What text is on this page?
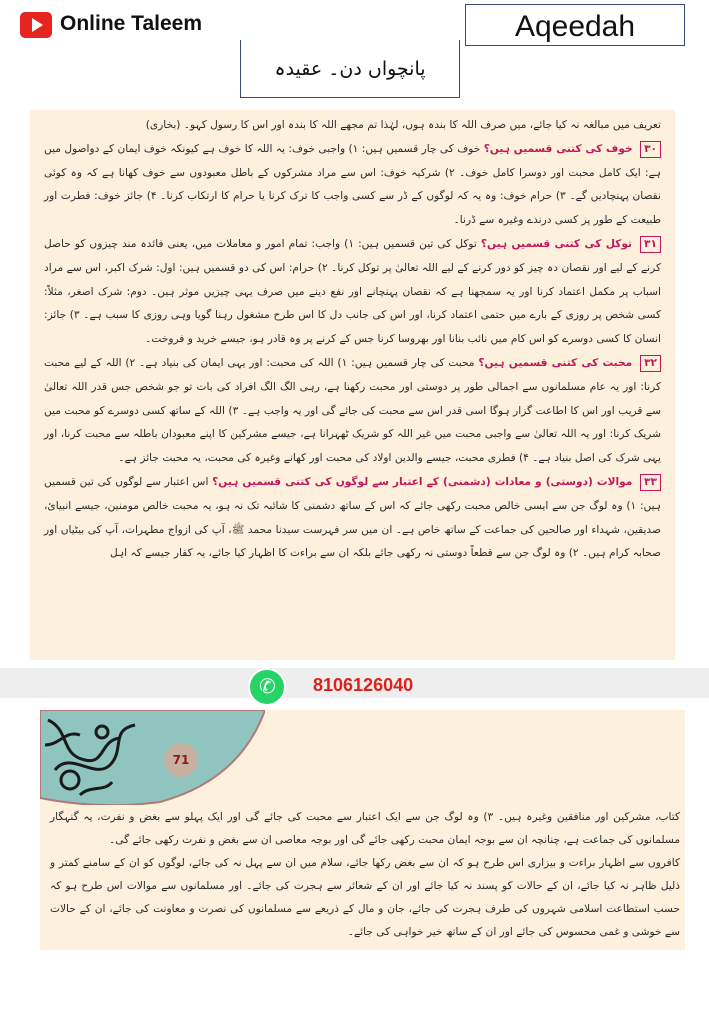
Online Taleem	Aqeedah
پانچواں دن۔ عقیدہ

تعریف میں مبالغہ نہ کیا جائے، میں صرف اللہ کا بندہ ہوں، لہٰذا تم مجھے اللہ کا بندہ اور اس کا رسول کہو۔ (بخاری)

۳۰ خوف کی کتنی قسمیں ہیں؟ خوف کی چار قسمیں ہیں: ۱) واجبی خوف: یہ اللہ کا خوف ہے کیونکہ خوف ایمان کے دواصول میں ہے: ایک کامل محبت اور دوسرا کامل خوف۔ ۲) شرکیہ خوف: اس سے مراد مشرکوں کے باطل معبودوں سے خوف کھانا ہے کہ وہ کوئی نقصان پہنچادیں گے۔ ۳) حرام خوف: وہ یہ کہ لوگوں کے ڈر سے کسی واجب کا ترک کرنا یا حرام کا ارتکاب کرنا۔ ۴) جائز خوف: فطرت اور طبیعت کے طور پر کسی درندے وغیرہ سے ڈرنا۔

۳۱ توکل کی کتنی قسمیں ہیں؟ توکل کی تین قسمیں ہیں: ۱) واجب: تمام امور و معاملات میں، یعنی فائدہ مند چیزوں کو حاصل کرنے کے لیے اور نقصان دہ چیز کو دور کرنے کے لیے اللہ تعالیٰ پر توکل کرنا۔ ۲) حرام: اس کی دو قسمیں ہیں: اول: شرک اکبر، اس سے مراد اسباب پر مکمل اعتماد کرنا اور یہ سمجھنا ہے کہ نقصان پہنچانے اور نفع دینے میں صرف یہی چیزیں موثر ہیں۔ دوم: شرک اصغر، مثلاً: کسی شخص پر روزی کے بارے میں حتمی اعتماد کرنا، اور اس کی جانب دل کا اس طرح مشغول رہنا گویا وہی روزی کا سبب ہے۔ ۳) جائز: انسان کا کسی دوسرے کو اس کام میں نائب بنانا اور بھروسا کرنا جس کے کرنے پر وہ قادر ہو، جیسے خرید و فروخت۔

۳۲ محبت کی کتنی قسمیں ہیں؟ محبت کی چار قسمیں ہیں: ۱) اللہ کی محبت: اور یہی ایمان کی بنیاد ہے۔ ۲) اللہ کے لیے محبت کرنا: اور یہ عام مسلمانوں سے اجمالی طور پر دوستی اور محبت رکھنا ہے، رہی الگ الگ افراد کی بات تو جو شخص جس قدر اللہ تعالیٰ سے قریب اور اس کا اطاعت گزار ہوگا اسی قدر اس سے محبت کی جائے گی اور یہ واجب ہے۔ ۳) اللہ کے ساتھ کسی دوسرے کو محبت میں شریک کرنا: اور یہ اللہ تعالیٰ سے واجبی محبت میں غیر اللہ کو شریک ٹھہرانا ہے، جیسے مشرکین کا اپنے معبودان باطلہ سے محبت کرنا، اور یہی شرک کی اصل بنیاد ہے۔ ۴) فطری محبت، جیسے والدین اولاد کی محبت اور کھانے وغیرہ کی محبت، یہ محبت جائز ہے۔

۳۳ موالات (دوستی) و معادات (دشمنی) کے اعتبار سے لوگوں کی کتنی قسمیں ہیں؟ اس اعتبار سے لوگوں کی تین قسمیں ہیں: ۱) وہ لوگ جن سے ایسی خالص محبت رکھی جائے کہ اس کے ساتھ دشمنی کا شائبہ تک نہ ہو، یہ محبت خالص مومنین، جیسے انبیائ، صدیقین، شہداء اور صالحین کی جماعت کے ساتھ خاص ہے۔ ان میں سر فہرست سیدنا محمد ﷺ، آپ کی ازواج مطہرات، آپ کی بیٹیاں اور صحابہ کرام ہیں۔ ۲) وہ لوگ جن سے قطعاً دوستی نہ رکھی جائے بلکہ ان سے براءت کا اظہار کیا جائے، یہ کفار جیسے کہ اہل

✆
8106126040
71

کتاب، مشرکین اور منافقین وغیرہ ہیں۔ ۳) وہ لوگ جن سے ایک اعتبار سے محبت کی جائے گی اور ایک پہلو سے بغض و نفرت، یہ گنہگار مسلمانوں کی جماعت ہے، چنانچہ ان سے بوجہ ایمان محبت رکھی جائے گی اور بوجہ معاصی ان سے بغض و نفرت رکھی جائے گی۔

کافروں سے اظہار براءت و بیزاری اس طرح ہو کہ ان سے بغض رکھا جائے، سلام میں ان سے پہل نہ کی جائے، لوگوں کو ان کے سامنے کمتر و ذلیل ظاہر نہ کیا جائے، ان کے حالات کو پسند نہ کیا جائے اور ان کے شعائر سے ہجرت کی جائے۔ اور مسلمانوں سے موالات اس طرح ہو کہ حسب استطاعت اسلامی شہروں کی طرف ہجرت کی جائے، جان و مال کے ذریعے سے مسلمانوں کی نصرت و معاونت کی جائے، ان کے حالات سے خوشی و غمی محسوس کی جائے اور ان کے ساتھ خیر خواہی کی جائے۔
